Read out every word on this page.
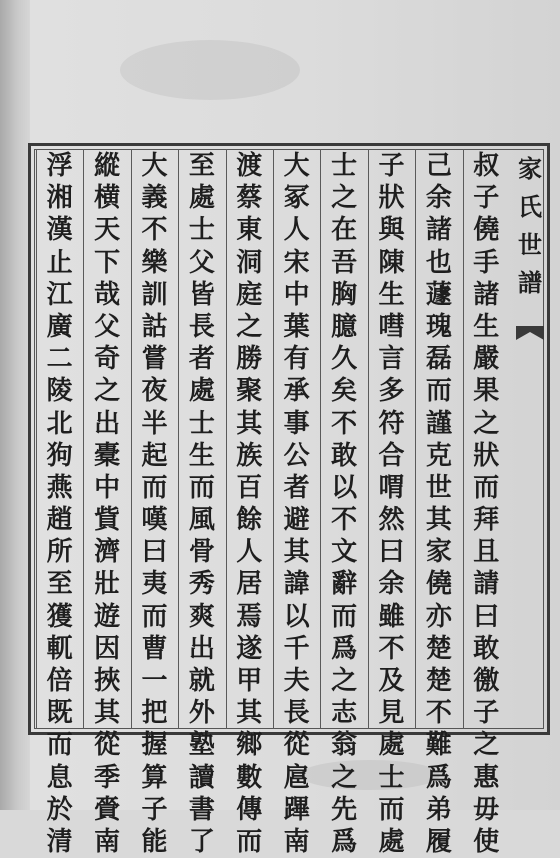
家
氏
世
譜
叔
子
僥
手
諸
生
嚴
果
之
狀
而
拜
且
請
曰
敢
徼
子
之
惠
毋
使
己
余
諸
也
蘧
瑰
磊
而
謹
克
世
其
家
僥
亦
楚
楚
不
難
爲
弟
履
子
狀
與
陳
生
嘒
言
多
符
合
喟
然
曰
余
雖
不
及
見
處
士
而
處
士
之
在
吾
胸
臆
久
矣
不
敢
以
不
文
辭
而
爲
之
志
翁
之
先
爲
大
冢
人
宋
中
葉
有
承
事
公
者
避
其
諱
以
千
夫
長
從
扈
蹕
南
渡
蔡
東
洞
庭
之
勝
聚
其
族
百
餘
人
居
焉
遂
甲
其
鄉
數
傳
而
至
處
士
父
皆
長
者
處
士
生
而
風
骨
秀
爽
出
就
外
塾
讀
書
了
大
義
不
樂
訓
詁
嘗
夜
半
起
而
嘆
曰
夷
而
曹
一
把
握
算
子
能
縱
横
天
下
哉
父
奇
之
出
橐
中
貲
濟
壯
遊
因
挾
其
從
季
賫
南
浮
湘
漢
止
江
廣
二
陵
北
狗
燕
趙
所
至
獲
軏
倍
既
而
息
於
清
